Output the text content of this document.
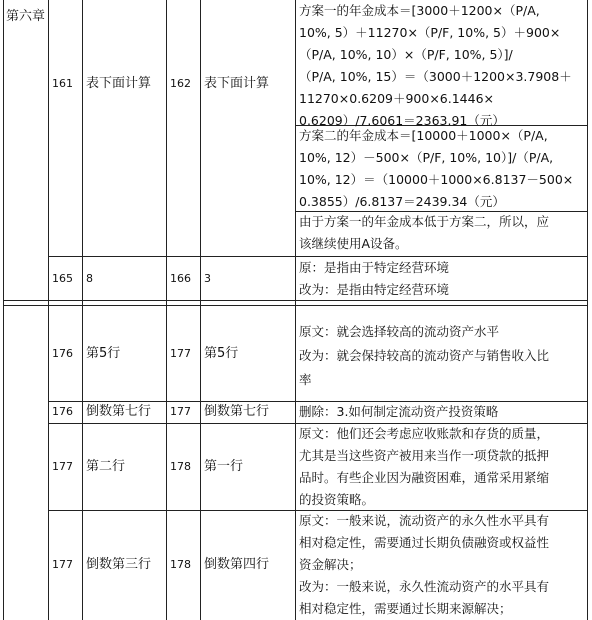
第六章
161 表下面计算 162 表下面计算
方案一的年金成本＝[3000＋1200×（P/A,
10%, 5）＋11270×（P/F, 10%, 5）＋900×
（P/A, 10%, 10）×（P/F, 10%, 5）]/
（P/A, 10%, 15）＝（3000＋1200×3.7908＋
11270×0.6209＋900×6.1446×
0.6209）/7.6061＝2363.91（元）
方案二的年金成本＝[10000＋1000×（P/A,
10%, 12）－500×（P/F, 10%, 10）]/（P/A,
10%, 12）＝（10000＋1000×6.8137－500×
0.3855）/6.8137＝2439.34（元）
由于方案一的年金成本低于方案二，所以，应
该继续使用A设备。
165 8	166 3
原：是指由于特定经营环境
改为：是指由特定经营环境
176 第5行	177 第5行
原文：就会选择较高的流动资产水平
改为：就会保持较高的流动资产与销售收入比
率
176 倒数第七行 177 倒数第七行 删除：3.如何制定流动资产投资策略
177 第二行	178 第一行
原文：他们还会考虑应收账款和存货的质量，
尤其是当这些资产被用来当作一项贷款的抵押
品时。有些企业因为融资困难，通常采用紧缩
的投资策略。
177 倒数第三行 178 倒数第四行
原文：一般来说，流动资产的永久性水平具有
相对稳定性，需要通过长期负债融资或权益性
资金解决；
改为：一般来说，永久性流动资产的水平具有
相对稳定性，需要通过长期来源解决；
